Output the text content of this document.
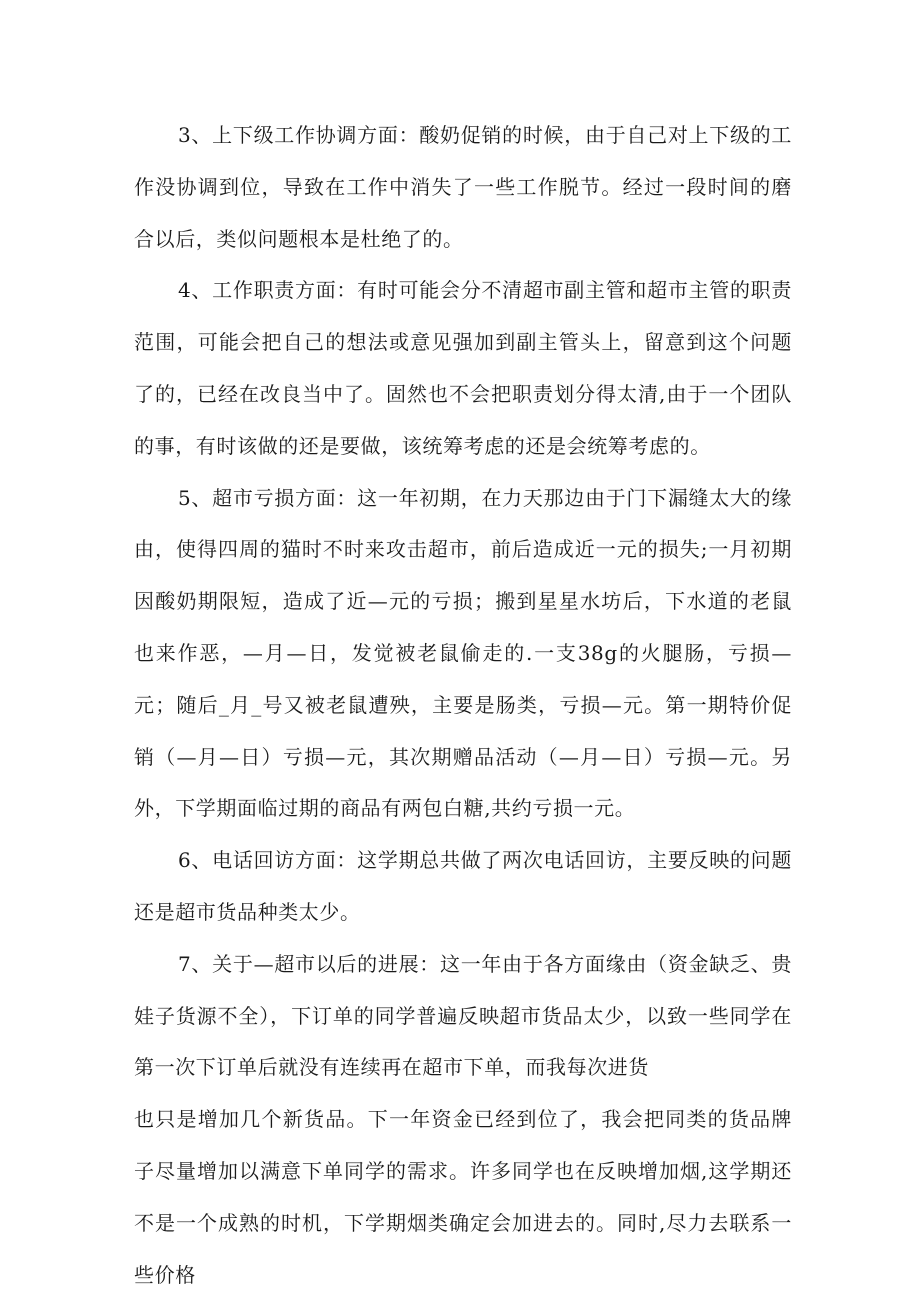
3、上下级工作协调方面：酸奶促销的时候，由于自己对上下级的工作没协调到位，导致在工作中消失了一些工作脱节。经过一段时间的磨合以后，类似问题根本是杜绝了的。

4、工作职责方面：有时可能会分不清超市副主管和超市主管的职责范围，可能会把自己的想法或意见强加到副主管头上，留意到这个问题了的，已经在改良当中了。固然也不会把职责划分得太清,由于一个团队的事，有时该做的还是要做，该统筹考虑的还是会统筹考虑的。

5、超市亏损方面：这一年初期，在力天那边由于门下漏缝太大的缘由，使得四周的猫时不时来攻击超市，前后造成近一元的损失;一月初期因酸奶期限短，造成了近—元的亏损；搬到星星水坊后，下水道的老鼠也来作恶，—月—日，发觉被老鼠偷走的.一支38g的火腿肠，亏损—元；随后_月_号又被老鼠遭殃，主要是肠类，亏损—元。第一期特价促销（—月—日）亏损—元，其次期赠品活动（—月—日）亏损—元。另外，下学期面临过期的商品有两包白糖,共约亏损一元。

6、电话回访方面：这学期总共做了两次电话回访，主要反映的问题还是超市货品种类太少。

7、关于—超市以后的进展：这一年由于各方面缘由（资金缺乏、贵娃子货源不全），下订单的同学普遍反映超市货品太少，以致一些同学在第一次下订单后就没有连续再在超市下单，而我每次进货

也只是增加几个新货品。下一年资金已经到位了，我会把同类的货品牌子尽量增加以满意下单同学的需求。许多同学也在反映增加烟,这学期还不是一个成熟的时机，下学期烟类确定会加进去的。同时,尽力去联系一些价格
